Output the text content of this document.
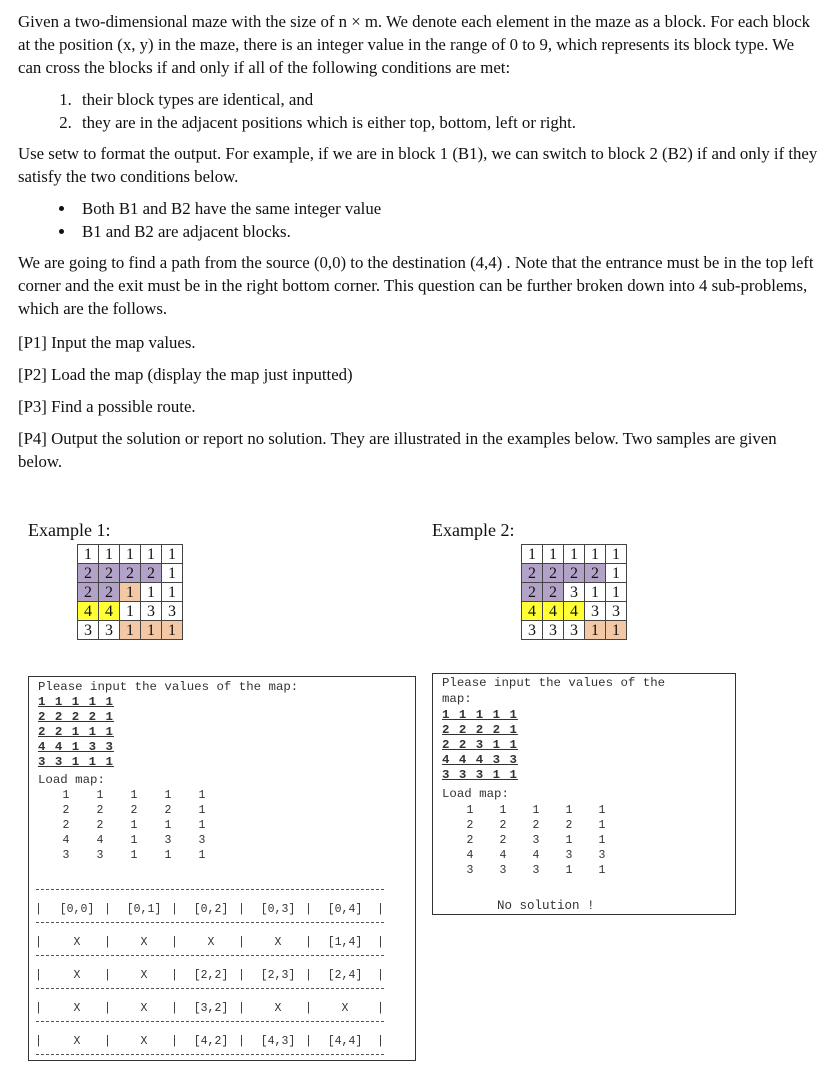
Given a two-dimensional maze with the size of n × m. We denote each element in the maze as a block. For each block at the position (x, y) in the maze, there is an integer value in the range of 0 to 9, which represents its block type. We can cross the blocks if and only if all of the following conditions are met:

1. their block types are identical, and
2. they are in the adjacent positions which is either top, bottom, left or right.

Use setw to format the output. For example, if we are in block 1 (B1), we can switch to block 2 (B2) if and only if they satisfy the two conditions below.

• Both B1 and B2 have the same integer value
• B1 and B2 are adjacent blocks.

We are going to find a path from the source (0,0) to the destination (4,4) . Note that the entrance must be in the top left corner and the exit must be in the right bottom corner. This question can be further broken down into 4 sub-problems, which are the follows.

[P1] Input the map values.

[P2] Load the map (display the map just inputted)

[P3] Find a possible route.

[P4] Output the solution or report no solution. They are illustrated in the examples below. Two samples are given below.

Example 1:	Example 2:
1	1	1	1	1
2	2	2	2	1
2	2	1	1	1
4	4	1	3	3
3	3	1	1	1
1	1	1	1	1
2	2	2	2	1
2	2	3	1	1
4	4	4	3	3
3	3	3	1	1
Please input the values of the map:
1 1 1 1 1
2 2 2 2 1
2 2 1 1 1
4 4 1 3 3
3 3 1 1 1
Load map:
1	1	1	1	1
2	2	2	2	1
2	2	1	1	1
4	4	1	3	3
3	3	1	1	1
|	|	|	|	|	|
[0,0]	[0,1]	[0,2]	[0,3]	[0,4]
|	|	|	|	|	|
X	X	X	X	[1,4]
|	|	|	|	|	|
X	X	[2,2]	[2,3]	[2,4]
|	|	|	|	|	|
X	X	[3,2]	X	X
|	|	|	|	|	|
X	X	[4,2]	[4,3]	[4,4]
Please input the values of the
map:
1 1 1 1 1
2 2 2 2 1
2 2 3 1 1
4 4 4 3 3
3 3 3 1 1
Load map:
1	1	1	1	1
2	2	2	2	1
2	2	3	1	1
4	4	4	3	3
3	3	3	1	1
No solution !
